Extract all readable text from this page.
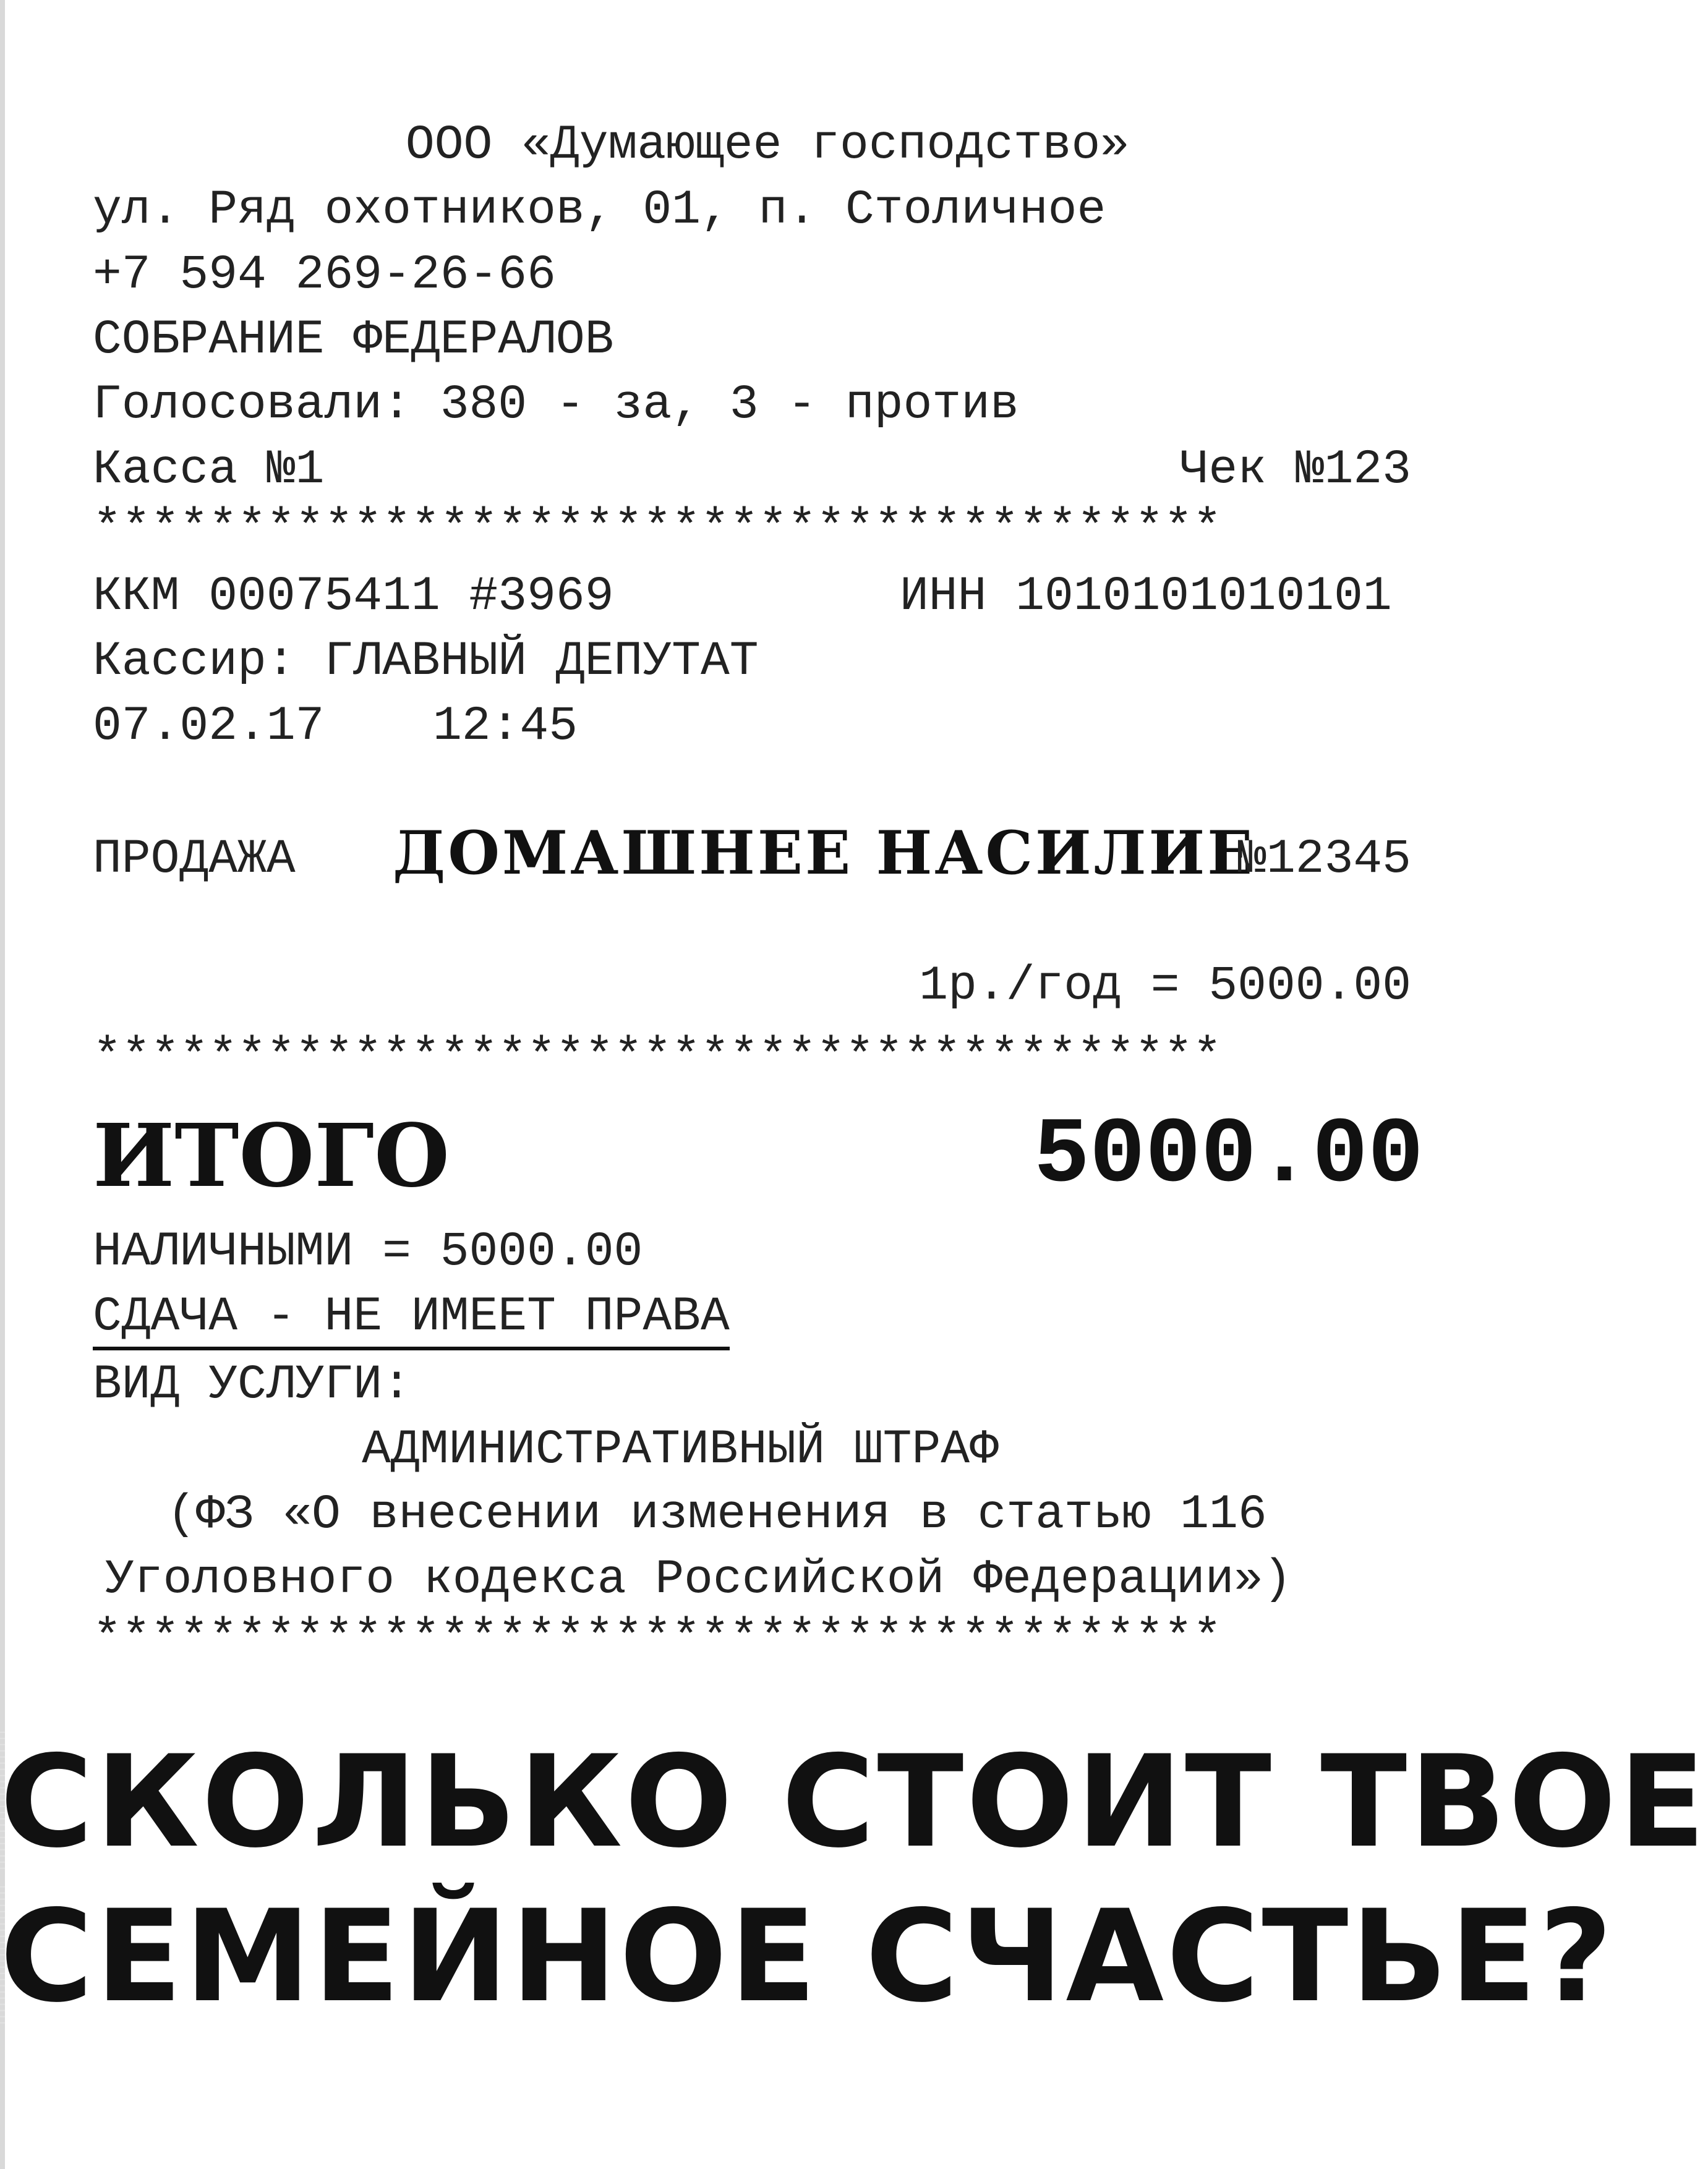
ООО «Думающее господство»
ул. Ряд охотников, 01, п. Столичное
+7 594 269-26-66
СОБРАНИЕ ФЕДЕРАЛОВ
Голосовали: 380 - за, 3 - против
Касса №1	Чек №123
***************************************
ККМ 00075411 #3969	ИНН 1010101010101
Кассир: ГЛАВНЫЙ ДЕПУТАТ
07.02.17 12:45
ПРОДАЖА ДОМАШНЕЕ НАСИЛИЕ
№12345
1р./год = 5000.00
***************************************
ИТОГО	5000.00
НАЛИЧНЫМИ = 5000.00
СДАЧА - НЕ ИМЕЕТ ПРАВА
ВИД УСЛУГИ:
АДМИНИСТРАТИВНЫЙ ШТРАФ
(ФЗ «О внесении изменения в статью 116
Уголовного кодекса Российской Федерации»)
***************************************
СКОЛЬКО СТОИТ ТВОЕ
СЕМЕЙНОЕ СЧАСТЬЕ?
